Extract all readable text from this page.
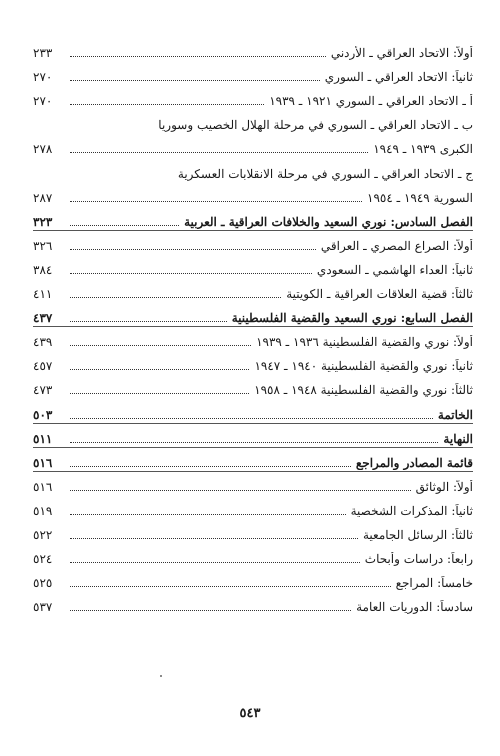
أولاً: الاتحاد العراقي ـ الأردني
٢٣٣
ثانياً: الاتحاد العراقي ـ السوري
٢٧٠
أ ـ الاتحاد العراقي ـ السوري ١٩٢١ ـ ١٩٣٩
٢٧٠
ب ـ الاتحاد العراقي ـ السوري في مرحلة الهلال الخصيب وسوريا
الكبرى ١٩٣٩ ـ ١٩٤٩
٢٧٨
ج ـ الاتحاد العراقي ـ السوري في مرحلة الانقلابات العسكرية
السورية ١٩٤٩ ـ ١٩٥٤
٢٨٧
الفصل السادس: نوري السعيد والخلافات العراقية ـ العربية
٣٢٣
أولاً: الصراع المصري ـ العراقي
٣٢٦
ثانياً: العداء الهاشمي ـ السعودي
٣٨٤
ثالثاً: قضية العلاقات العراقية ـ الكويتية
٤١١
الفصل السابع: نوري السعيد والقضية الفلسطينية
٤٣٧
أولاً: نوري والقضية الفلسطينية ١٩٣٦ ـ ١٩٣٩
٤٣٩
ثانياً: نوري والقضية الفلسطينية ١٩٤٠ ـ ١٩٤٧
٤٥٧
ثالثاً: نوري والقضية الفلسطينية ١٩٤٨ ـ ١٩٥٨
٤٧٣
الخاتمة
٥٠٣
النهاية
٥١١
قائمة المصادر والمراجع
٥١٦
أولاً: الوثائق
٥١٦
ثانياً: المذكرات الشخصية
٥١٩
ثالثاً: الرسائل الجامعية
٥٢٢
رابعاً: دراسات وأبحاث
٥٢٤
خامساً: المراجع
٥٢٥
سادساً: الدوريات العامة
٥٣٧
٥٤٣
